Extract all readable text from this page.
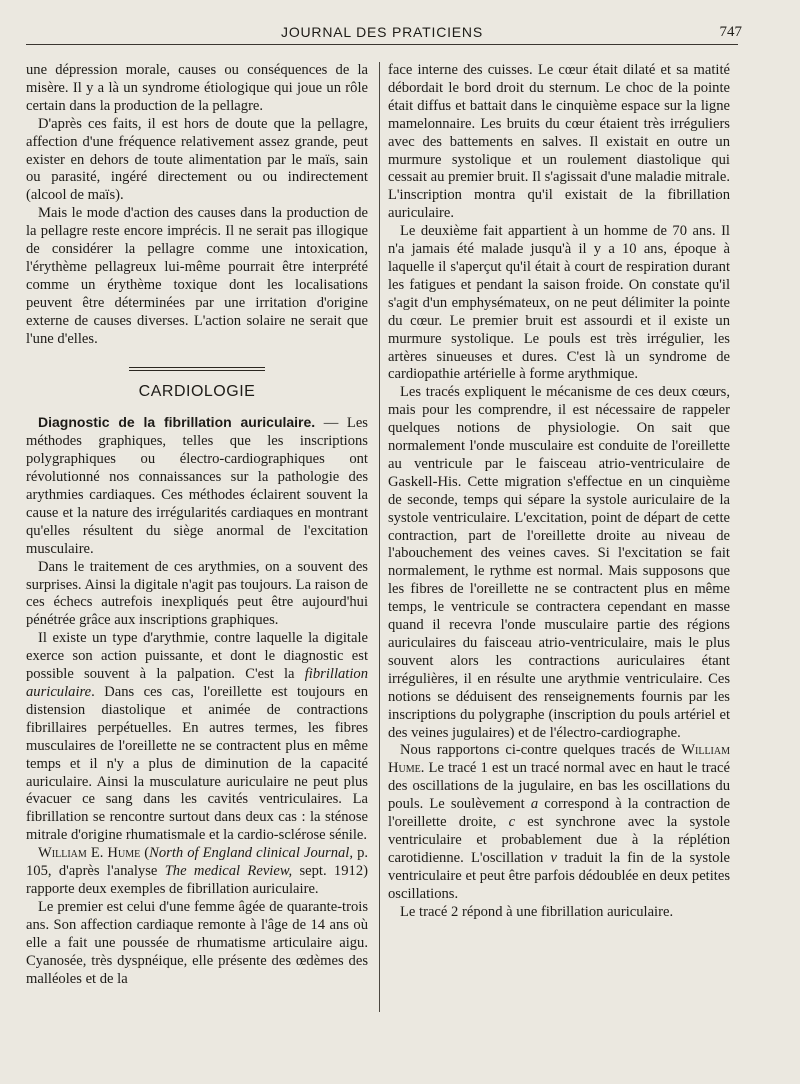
JOURNAL DES PRATICIENS	747

une dépression morale, causes ou conséquences de la misère. Il y a là un syndrome étiologique qui joue un rôle certain dans la production de la pellagre.

D'après ces faits, il est hors de doute que la pellagre, affection d'une fréquence relativement assez grande, peut exister en dehors de toute alimentation par le maïs, sain ou parasité, ingéré directement ou ou indirectement (alcool de maïs).

Mais le mode d'action des causes dans la production de la pellagre reste encore imprécis. Il ne serait pas illogique de considérer la pellagre comme une intoxication, l'érythème pellagreux lui-même pourrait être interprété comme un érythème toxique dont les localisations peuvent être déterminées par une irritation d'origine externe de causes diverses. L'action solaire ne serait que l'une d'elles.

CARDIOLOGIE

Diagnostic de la fibrillation auriculaire. — Les méthodes graphiques, telles que les inscriptions polygraphiques ou électro-cardiographiques ont révolutionné nos connaissances sur la pathologie des arythmies cardiaques. Ces méthodes éclairent souvent la cause et la nature des irrégularités cardiaques en montrant qu'elles résultent du siège anormal de l'excitation musculaire.

Dans le traitement de ces arythmies, on a souvent des surprises. Ainsi la digitale n'agit pas toujours. La raison de ces échecs autrefois inexpliqués peut être aujourd'hui pénétrée grâce aux inscriptions graphiques.

Il existe un type d'arythmie, contre laquelle la digitale exerce son action puissante, et dont le diagnostic est possible souvent à la palpation. C'est la fibrillation auriculaire. Dans ces cas, l'oreillette est toujours en distension diastolique et animée de contractions fibrillaires perpétuelles. En autres termes, les fibres musculaires de l'oreillette ne se contractent plus en même temps et il n'y a plus de diminution de la capacité auriculaire. Ainsi la musculature auriculaire ne peut plus évacuer ce sang dans les cavités ventriculaires. La fibrillation se rencontre surtout dans deux cas : la sténose mitrale d'origine rhumatismale et la cardio-sclérose sénile.

William E. Hume (North of England clinical Journal, p. 105, d'après l'analyse The medical Review, sept. 1912) rapporte deux exemples de fibrillation auriculaire.

Le premier est celui d'une femme âgée de quarante-trois ans. Son affection cardiaque remonte à l'âge de 14 ans où elle a fait une poussée de rhumatisme articulaire aigu. Cyanosée, très dyspnéique, elle présente des œdèmes des malléoles et de la

face interne des cuisses. Le cœur était dilaté et sa matité débordait le bord droit du sternum. Le choc de la pointe était diffus et battait dans le cinquième espace sur la ligne mamelonnaire. Les bruits du cœur étaient très irréguliers avec des battements en salves. Il existait en outre un murmure systolique et un roulement diastolique qui cessait au premier bruit. Il s'agissait d'une maladie mitrale. L'inscription montra qu'il existait de la fibrillation auriculaire.

Le deuxième fait appartient à un homme de 70 ans. Il n'a jamais été malade jusqu'à il y a 10 ans, époque à laquelle il s'aperçut qu'il était à court de respiration durant les fatigues et pendant la saison froide. On constate qu'il s'agit d'un emphysémateux, on ne peut délimiter la pointe du cœur. Le premier bruit est assourdi et il existe un murmure systolique. Le pouls est très irrégulier, les artères sinueuses et dures. C'est là un syndrome de cardiopathie artérielle à forme arythmique.

Les tracés expliquent le mécanisme de ces deux cœurs, mais pour les comprendre, il est nécessaire de rappeler quelques notions de physiologie. On sait que normalement l'onde musculaire est conduite de l'oreillette au ventricule par le faisceau atrio-ventriculaire de Gaskell-His. Cette migration s'effectue en un cinquième de seconde, temps qui sépare la systole auriculaire de la systole ventriculaire. L'excitation, point de départ de cette contraction, part de l'oreillette droite au niveau de l'abouchement des veines caves. Si l'excitation se fait normalement, le rythme est normal. Mais supposons que les fibres de l'oreillette ne se contractent plus en même temps, le ventricule se contractera cependant en masse quand il recevra l'onde musculaire partie des régions auriculaires du faisceau atrio-ventriculaire, mais le plus souvent alors les contractions auriculaires étant irrégulières, il en résulte une arythmie ventriculaire. Ces notions se déduisent des renseignements fournis par les inscriptions du polygraphe (inscription du pouls artériel et des veines jugulaires) et de l'électro-cardiographe.

Nous rapportons ci-contre quelques tracés de William Hume. Le tracé 1 est un tracé normal avec en haut le tracé des oscillations de la jugulaire, en bas les oscillations du pouls. Le soulèvement a correspond à la contraction de l'oreillette droite, c est synchrone avec la systole ventriculaire et probablement due à la réplétion carotidienne. L'oscillation v traduit la fin de la systole ventriculaire et peut être parfois dédoublée en deux petites oscillations.

Le tracé 2 répond à une fibrillation auriculaire.
